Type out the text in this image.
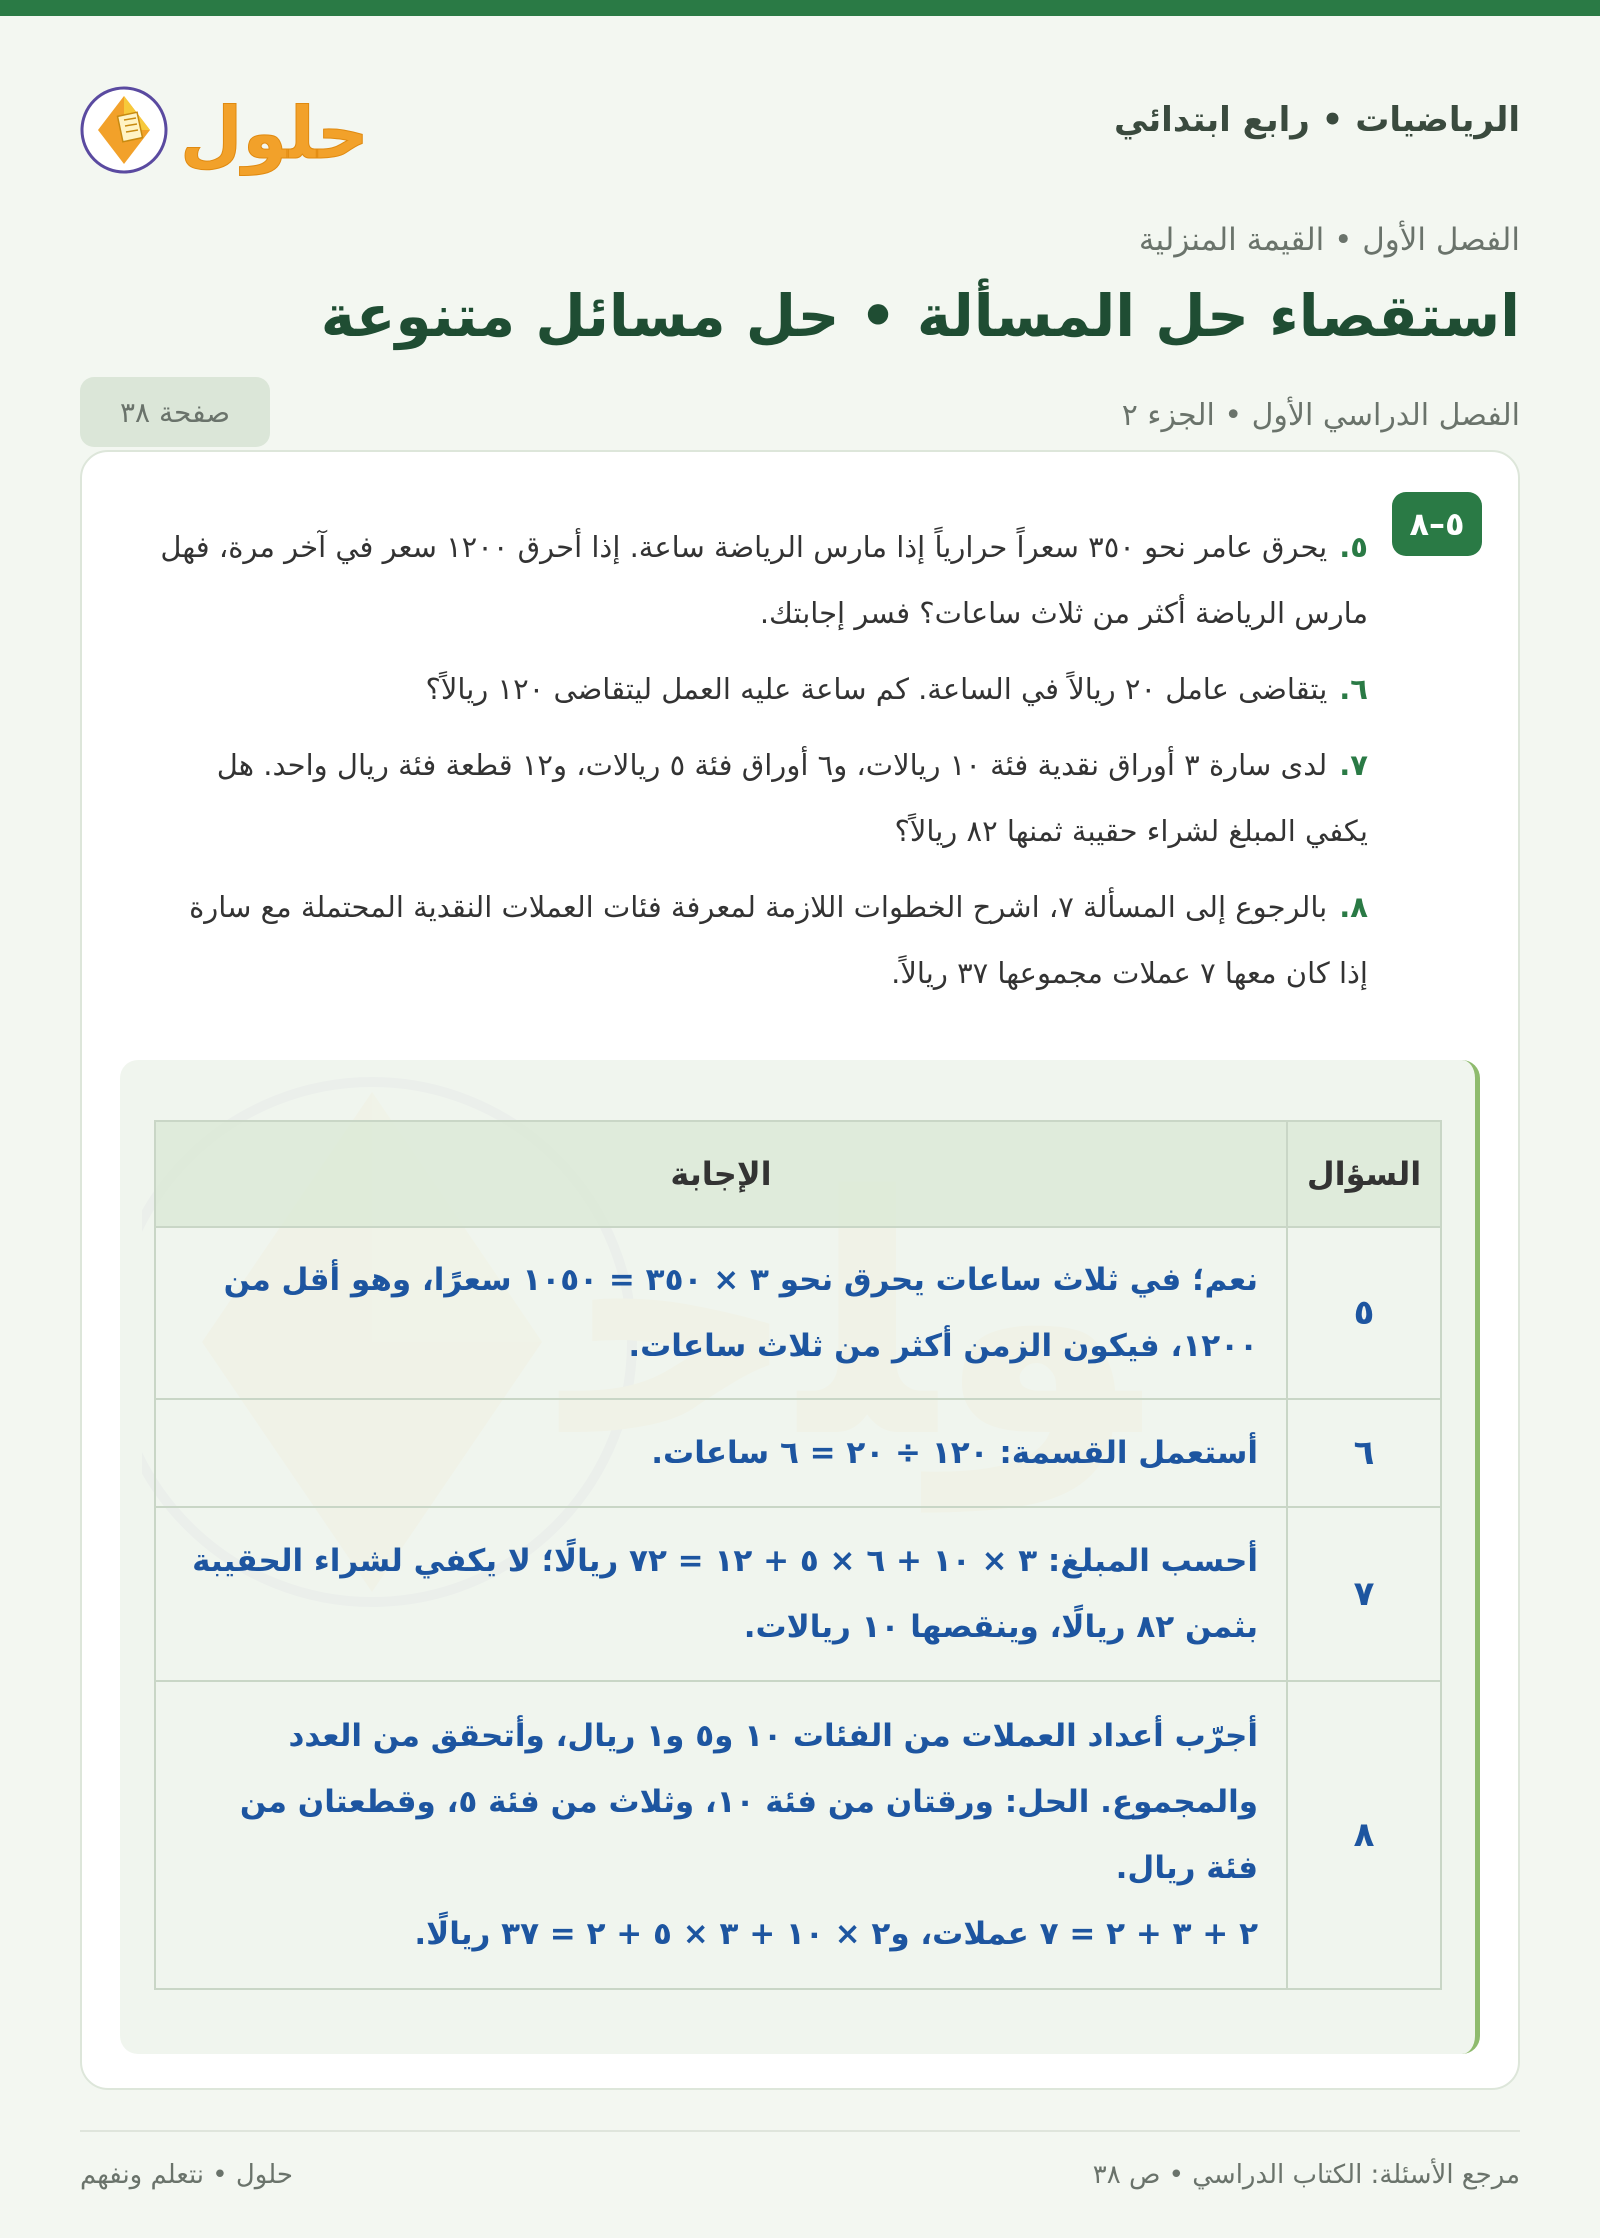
حلول	الرياضيات • رابع ابتدائي
الفصل الأول • القيمة المنزلية
استقصاء حل المسألة • حل مسائل متنوعة
الفصل الدراسي الأول • الجزء ٢
صفحة ٣٨
٥–٨

٥.يحرق عامر نحو ٣٥٠ سعراً حرارياً إذا مارس الرياضة ساعة. إذا أحرق ١٢٠٠ سعر في آخر مرة، فهل مارس الرياضة أكثر من ثلاث ساعات؟ فسر إجابتك.

٦.يتقاضى عامل ٢٠ ريالاً في الساعة. كم ساعة عليه العمل ليتقاضى ١٢٠ ريالاً؟

٧.لدى سارة ٣ أوراق نقدية فئة ١٠ ريالات، و٦ أوراق فئة ٥ ريالات، و١٢ قطعة فئة ريال واحد. هل يكفي المبلغ لشراء حقيبة ثمنها ٨٢ ريالاً؟

٨.بالرجوع إلى المسألة ٧، اشرح الخطوات اللازمة لمعرفة فئات العملات النقدية المحتملة مع سارة إذا كان معها ٧ عملات مجموعها ٣٧ ريالاً.

السؤال	الإجابة
٥	نعم؛ في ثلاث ساعات يحرق نحو ٣ × ٣٥٠ = ١٠٥٠ سعرًا، وهو أقل من ١٢٠٠، فيكون الزمن أكثر من ثلاث ساعات.
٦	أستعمل القسمة: ١٢٠ ÷ ٢٠ = ٦ ساعات.
٧	أحسب المبلغ: ٣ × ١٠ + ٦ × ٥ + ١٢ = ٧٢ ريالًا؛ لا يكفي لشراء الحقيبة بثمن ٨٢ ريالًا، وينقصها ١٠ ريالات.
٨	أجرّب أعداد العملات من الفئات ١٠ و٥ و١ ريال، وأتحقق من العدد والمجموع. الحل: ورقتان من فئة ١٠، وثلاث من فئة ٥، وقطعتان من فئة ريال.
٢ + ٣ + ٢ = ٧ عملات، و٢ × ١٠ + ٣ × ٥ + ٢ = ٣٧ ريالًا.
مرجع الأسئلة: الكتاب الدراسي • ص ٣٨
حلول • نتعلم ونفهم
